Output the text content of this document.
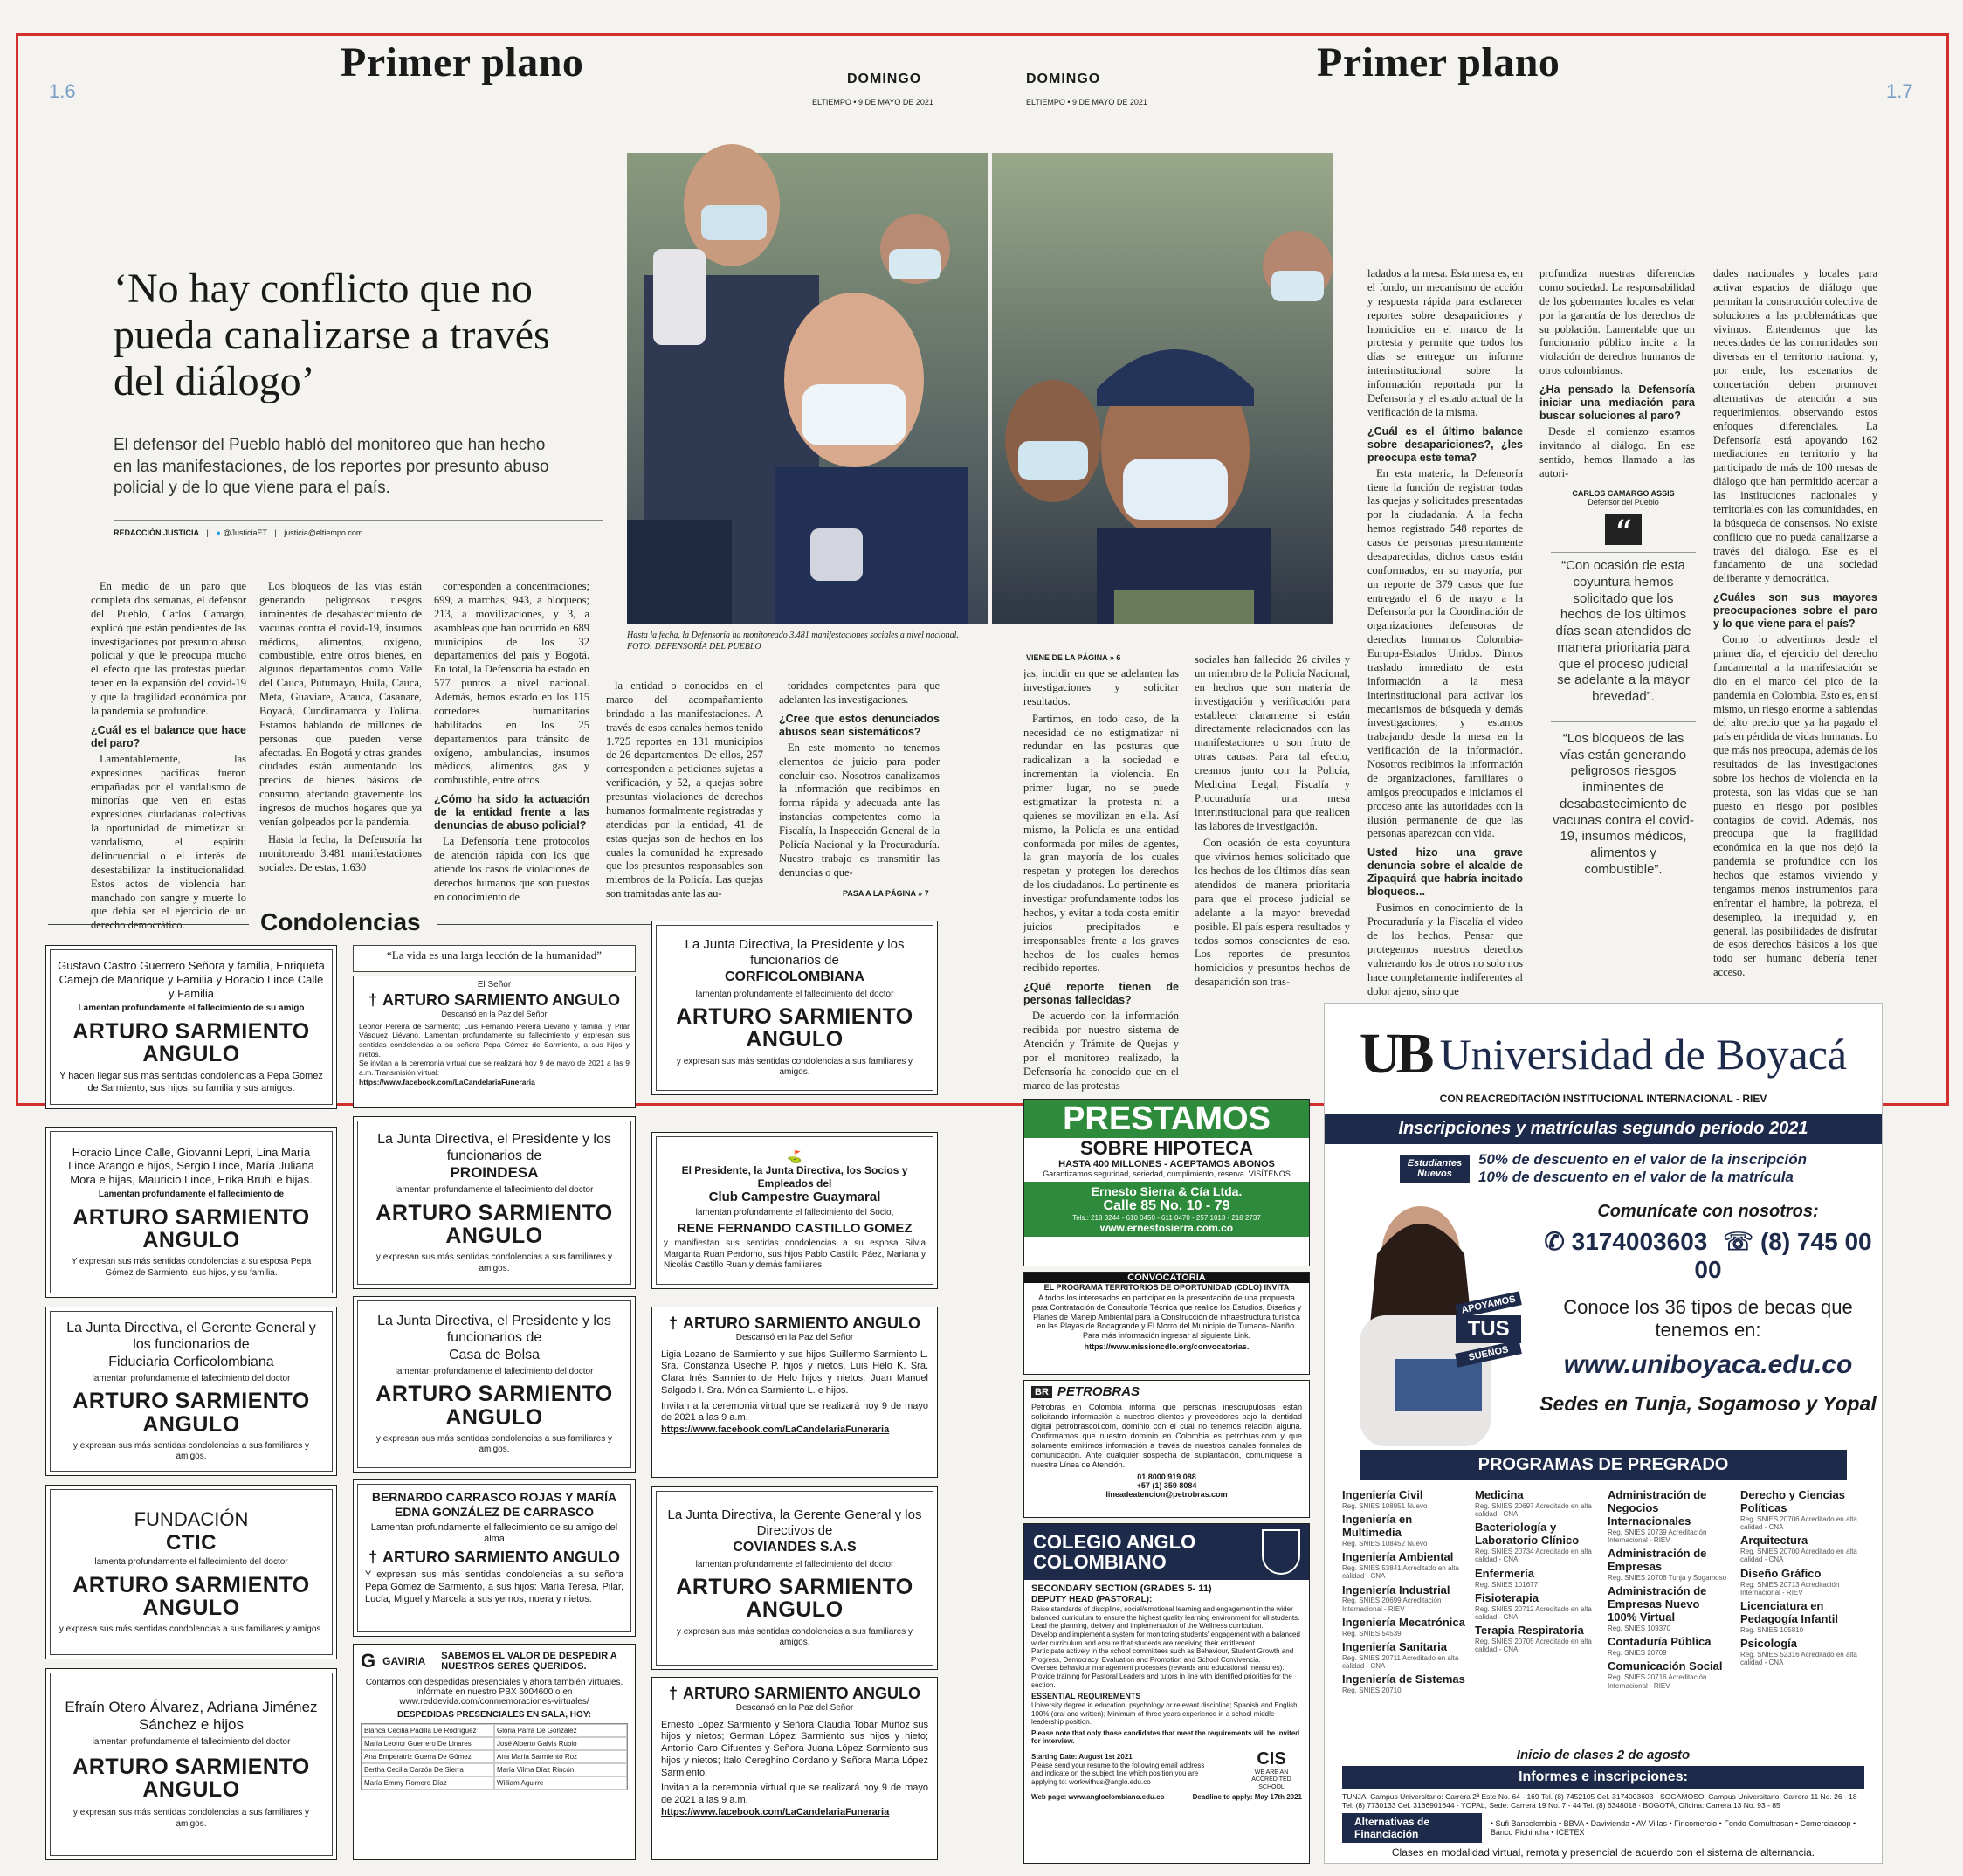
1.6
Primer plano	DOMINGO
ELTIEMPO • 9 DE MAYO DE 2021
DOMINGO	Primer plano
ELTIEMPO • 9 DE MAYO DE 2021	1.7
‘No hay conflicto que no pueda canalizarse a través del diálogo’
El defensor del Pueblo habló del monitoreo que han hecho en las manifestaciones, de los reportes por presunto abuso policial y de lo que viene para el país.
REDACCIÓN JUSTICIA | ● @JusticiaET | justicia@eltiempo.com
Hasta la fecha, la Defensoría ha monitoreado 3.481 manifestaciones sociales a nivel nacional. FOTO: DEFENSORÍA DEL PUEBLO

En medio de un paro que completa dos semanas, el defensor del Pueblo, Carlos Camargo, explicó que están pendientes de las investigaciones por presunto abuso policial y que le preocupa mucho el efecto que las protestas puedan tener en la expansión del covid-19 y que la fragilidad económica por la pandemia se profundice.

¿Cuál es el balance que hace del paro?

Lamentablemente, las expresiones pacíficas fueron empañadas por el vandalismo de minorías que ven en estas expresiones ciudadanas colectivas la oportunidad de mimetizar su vandalismo, el espíritu delincuencial o el interés de desestabilizar la institucionalidad. Estos actos de violencia han manchado con sangre y muerte lo que debía ser el ejercicio de un derecho democrático.

Los bloqueos de las vías están generando peligrosos riesgos inminentes de desabastecimiento de vacunas contra el covid-19, insumos médicos, alimentos, oxígeno, combustible, entre otros bienes, en algunos departamentos como Valle del Cauca, Putumayo, Huila, Cauca, Meta, Guaviare, Arauca, Casanare, Boyacá, Cundinamarca y Tolima. Estamos hablando de millones de personas que pueden verse afectadas. En Bogotá y otras grandes ciudades están aumentando los precios de bienes básicos de consumo, afectando gravemente los ingresos de muchos hogares que ya venían golpeados por la pandemia.

Hasta la fecha, la Defensoría ha monitoreado 3.481 manifestaciones sociales. De estas, 1.630

corresponden a concentraciones; 699, a marchas; 943, a bloqueos; 213, a movilizaciones, y 3, a asambleas que han ocurrido en 689 municipios de los 32 departamentos del país y Bogotá. En total, la Defensoría ha estado en 577 puntos a nivel nacional. Además, hemos estado en los 115 corredores humanitarios habilitados en los 25 departamentos para tránsito de oxígeno, ambulancias, insumos médicos, alimentos, gas y combustible, entre otros.

¿Cómo ha sido la actuación de la entidad frente a las denuncias de abuso policial?

La Defensoría tiene protocolos de atención rápida con los que atiende los casos de violaciones de derechos humanos que son puestos en conocimiento de

la entidad o conocidos en el marco del acompañamiento brindado a las manifestaciones. A través de esos canales hemos tenido 1.725 reportes en 131 municipios de 26 departamentos. De ellos, 257 corresponden a peticiones sujetas a verificación, y 52, a quejas sobre presuntas violaciones de derechos humanos formalmente registradas y atendidas por la entidad, 41 de estas quejas son de hechos en los cuales la comunidad ha expresado que los presuntos responsables son miembros de la Policía. Las quejas son tramitadas ante las au-

toridades competentes para que adelanten las investigaciones.

¿Cree que estos denunciados abusos sean sistemáticos?

En este momento no tenemos elementos de juicio para poder concluir eso. Nosotros canalizamos la información que recibimos en forma rápida y adecuada ante las instancias competentes como la Fiscalía, la Inspección General de la Policía Nacional y la Procuraduría. Nuestro trabajo es transmitir las denuncias o que-

PASA A LA PÁGINA » 7
VIENE DE LA PÁGINA » 6

jas, incidir en que se adelanten las investigaciones y solicitar resultados.

Partimos, en todo caso, de la necesidad de no estigmatizar ni redundar en las posturas que radicalizan a la sociedad e incrementan la violencia. En primer lugar, no se puede estigmatizar la protesta ni a quienes se movilizan en ella. Así mismo, la Policía es una entidad conformada por miles de agentes, la gran mayoría de los cuales respetan y protegen los derechos de los ciudadanos. Lo pertinente es investigar profundamente todos los hechos, y evitar a toda costa emitir juicios precipitados e irresponsables frente a los graves hechos de los cuales hemos recibido reportes.

¿Qué reporte tienen de personas fallecidas?

De acuerdo con la información recibida por nuestro sistema de Atención y Trámite de Quejas y por el monitoreo realizado, la Defensoría ha conocido que en el marco de las protestas

sociales han fallecido 26 civiles y un miembro de la Policía Nacional, en hechos que son materia de investigación y verificación para establecer claramente si están directamente relacionados con las manifestaciones o son fruto de otras causas. Para tal efecto, creamos junto con la Policía, Medicina Legal, Fiscalía y Procuraduría una mesa interinstitucional para que realicen las labores de investigación.

Con ocasión de esta coyuntura que vivimos hemos solicitado que los hechos de los últimos días sean atendidos de manera prioritaria para que el proceso judicial se adelante a la mayor brevedad posible. El país espera resultados y todos somos conscientes de eso. Los reportes de presuntos homicidios y presuntos hechos de desaparición son tras-

ladados a la mesa. Esta mesa es, en el fondo, un mecanismo de acción y respuesta rápida para esclarecer reportes sobre desapariciones y homicidios en el marco de la protesta y permite que todos los días se entregue un informe interinstitucional sobre la información reportada por la Defensoría y el estado actual de la verificación de la misma.

¿Cuál es el último balance sobre desapariciones?, ¿les preocupa este tema?

En esta materia, la Defensoría tiene la función de registrar todas las quejas y solicitudes presentadas por la ciudadanía. A la fecha hemos registrado 548 reportes de casos de personas presuntamente desaparecidas, dichos casos están conformados, en su mayoría, por un reporte de 379 casos que fue entregado el 6 de mayo a la Defensoría por la Coordinación de organizaciones defensoras de derechos humanos Colombia-Europa-Estados Unidos. Dimos traslado inmediato de esta información a la mesa interinstitucional para activar los mecanismos de búsqueda y demás investigaciones, y estamos trabajando desde la mesa en la verificación de la información. Nosotros recibimos la información de organizaciones, familiares o amigos preocupados e iniciamos el proceso ante las autoridades con la ilusión permanente de que las personas aparezcan con vida.

Usted hizo una grave denuncia sobre el alcalde de Zipaquirá que habría incitado bloqueos...

Pusimos en conocimiento de la Procuraduría y la Fiscalía el video de los hechos. Pensar que protegemos nuestros derechos vulnerando los de otros no solo nos hace completamente indiferentes al dolor ajeno, sino que

profundiza nuestras diferencias como sociedad. La responsabilidad de los gobernantes locales es velar por la garantía de los derechos de su población. Lamentable que un funcionario público incite a la violación de derechos humanos de otros colombianos.

¿Ha pensado la Defensoría iniciar una mediación para buscar soluciones al paro?

Desde el comienzo estamos invitando al diálogo. En ese sentido, hemos llamado a las autori-

CARLOS CAMARGO ASSIS
Defensor del Pueblo
“
“Con ocasión de esta coyuntura hemos solicitado que los hechos de los últimos días sean atendidos de manera prioritaria para que el proceso judicial se adelante a la mayor brevedad”.
“Los bloqueos de las vías están generando peligrosos riesgos inminentes de desabastecimiento de vacunas contra el covid-19, insumos médicos, alimentos y combustible”.

dades nacionales y locales para activar espacios de diálogo que permitan la construcción colectiva de soluciones a las problemáticas que vivimos. Entendemos que las necesidades de las comunidades son diversas en el territorio nacional y, por ende, los escenarios de concertación deben promover alternativas de atención a sus requerimientos, observando estos enfoques diferenciales. La Defensoría está apoyando 162 mediaciones en territorio y ha participado de más de 100 mesas de diálogo que han permitido acercar a las instituciones nacionales y territoriales con las comunidades, en la búsqueda de consensos. No existe conflicto que no pueda canalizarse a través del diálogo. Ese es el fundamento de una sociedad deliberante y democrática.

¿Cuáles son sus mayores preocupaciones sobre el paro y lo que viene para el país?

Como lo advertimos desde el primer día, el ejercicio del derecho fundamental a la manifestación se dio en el marco del pico de la pandemia en Colombia. Esto es, en sí mismo, un riesgo enorme a sabiendas del alto precio que ya ha pagado el país en pérdida de vidas humanas. Lo que más nos preocupa, además de los resultados de las investigaciones sobre los hechos de violencia en la protesta, son las vidas que se han puesto en riesgo por posibles contagios de covid. Además, nos preocupa que la fragilidad económica en la que nos dejó la pandemia se profundice con los hechos que estamos viviendo y tengamos menos instrumentos para enfrentar el hambre, la pobreza, el desempleo, la inequidad y, en general, las posibilidades de disfrutar de esos derechos básicos a los que todo ser humano debería tener acceso.

Condolencias
Gustavo Castro Guerrero Señora y familia, Enriqueta Camejo de Manrique y Familia y Horacio Lince Calle y Familia
Lamentan profundamente el fallecimiento de su amigo
ARTURO SARMIENTO ANGULO
Y hacen llegar sus más sentidas condolencias a Pepa Gómez de Sarmiento, sus hijos, su familia y sus amigos.
Horacio Lince Calle, Giovanni Lepri, Lina María Lince Arango e hijos, Sergio Lince, María Juliana Mora e hijas, Mauricio Lince, Erika Bruhl e hijas.
Lamentan profundamente el fallecimiento de
ARTURO SARMIENTO ANGULO
Y expresan sus más sentidas condolencias a su esposa Pepa Gómez de Sarmiento, sus hijos, y su familia.
La Junta Directiva, el Gerente General y los funcionarios de
Fiduciaria Corficolombiana
lamentan profundamente el fallecimiento del doctor
ARTURO SARMIENTO ANGULO
y expresan sus más sentidas condolencias a sus familiares y amigos.
FUNDACIÓN
CTIC
lamenta profundamente el fallecimiento del doctor
ARTURO SARMIENTO ANGULO
y expresa sus más sentidas condolencias a sus familiares y amigos.
Efraín Otero Álvarez, Adriana Jiménez Sánchez e hijos
lamentan profundamente el fallecimiento del doctor
ARTURO SARMIENTO ANGULO
y expresan sus más sentidas condolencias a sus familiares y amigos.
“La vida es una larga lección de la humanidad”
El Señor
† ARTURO SARMIENTO ANGULO
Descansó en la Paz del Señor
Leonor Pereira de Sarmiento; Luis Fernando Pereira Liévano y familia; y Pilar Vásquez Liévano. Lamentan profundamente su fallecimiento y expresan sus sentidas condolencias a su señora Pepa Gómez de Sarmiento, a sus hijos y nietos.
Se invitan a la ceremonia virtual que se realizará hoy 9 de mayo de 2021 a las 9 a.m. Transmisión virtual:
https://www.facebook.com/LaCandelariaFuneraria
La Junta Directiva, el Presidente y los funcionarios de
PROINDESA
lamentan profundamente el fallecimiento del doctor
ARTURO SARMIENTO ANGULO
y expresan sus más sentidas condolencias a sus familiares y amigos.
La Junta Directiva, el Presidente y los funcionarios de
Casa de Bolsa
lamentan profundamente el fallecimiento del doctor
ARTURO SARMIENTO ANGULO
y expresan sus más sentidas condolencias a sus familiares y amigos.
BERNARDO CARRASCO ROJAS Y MARÍA EDNA GONZÁLEZ DE CARRASCO
Lamentan profundamente el fallecimiento de su amigo del alma
† ARTURO SARMIENTO ANGULO
Y expresan sus más sentidas condolencias a su señora Pepa Gómez de Sarmiento, a sus hijos: María Teresa, Pilar, Lucía, Miguel y Marcela a sus yernos, nuera y nietos.
G GAVIRIA SABEMOS EL VALOR DE DESPEDIR A NUESTROS SERES QUERIDOS.
Contamos con despedidas presenciales y ahora también virtuales. Infórmate en nuestro PBX 6004600 o en www.reddevida.com/conmemoraciones-virtuales/
DESPEDIDAS PRESENCIALES EN SALA, HOY:
Blanca Cecilia Padilla De Rodríguez	Gloria Parra De González
María Leonor Guerrero De Linares	José Alberto Galvis Rubio
Ana Emperatriz Guerra De Gómez	Ana María Sarmiento Roz
Bertha Cecilia Carzón De Sierra	María Vilma Díaz Rincón
María Emmy Romero Díaz	William Aguirre
La Junta Directiva, la Presidente y los funcionarios de
CORFICOLOMBIANA
lamentan profundamente el fallecimiento del doctor
ARTURO SARMIENTO ANGULO
y expresan sus más sentidas condolencias a sus familiares y amigos.
⛳
El Presidente, la Junta Directiva, los Socios y Empleados del
Club Campestre Guaymaral
lamentan profundamente el fallecimiento del Socio,
RENE FERNANDO CASTILLO GOMEZ
y manifiestan sus sentidas condolencias a su esposa Silvia Margarita Ruan Perdomo, sus hijos Pablo Castillo Páez, Mariana y Nicolás Castillo Ruan y demás familiares.
† ARTURO SARMIENTO ANGULO
Descansó en la Paz del Señor
Ligia Lozano de Sarmiento y sus hijos Guillermo Sarmiento L. Sra. Constanza Useche P. hijos y nietos, Luis Helo K. Sra. Clara Inés Sarmiento de Helo hijos y nietos, Juan Manuel Salgado I. Sra. Mónica Sarmiento L. e hijos.
Invitan a la ceremonia virtual que se realizará hoy 9 de mayo de 2021 a las 9 a.m.
https://www.facebook.com/LaCandelariaFuneraria
La Junta Directiva, la Gerente General y los Directivos de
COVIANDES S.A.S
lamentan profundamente el fallecimiento del doctor
ARTURO SARMIENTO ANGULO
y expresan sus más sentidas condolencias a sus familiares y amigos.
† ARTURO SARMIENTO ANGULO
Descansó en la Paz del Señor
Ernesto López Sarmiento y Señora Claudia Tobar Muñoz sus hijos y nietos; German López Sarmiento sus hijos y nieto; Antonio Caro Cifuentes y Señora Juana López Sarmiento sus hijos y nietos; Italo Cereghino Cordano y Señora Marta López Sarmiento.
Invitan a la ceremonia virtual que se realizará hoy 9 de mayo de 2021 a las 9 a.m.
https://www.facebook.com/LaCandelariaFuneraria
PRESTAMOS
SOBRE HIPOTECA
HASTA 400 MILLONES - ACEPTAMOS ABONOS
Garantizamos seguridad, seriedad, cumplimiento, reserva. VISÍTENOS
Ernesto Sierra & Cía Ltda.
Calle 85 No. 10 - 79
Tels.: 218 3244 - 610 0450 - 611 0470 - 257 1013 - 218 2737
www.ernestosierra.com.co
CONVOCATORIA
EL PROGRAMA TERRITORIOS DE OPORTUNIDAD (CDLO) INVITA
A todos los interesados en participar en la presentación de una propuesta para Contratación de Consultoría Técnica que realice los Estudios, Diseños y Planes de Manejo Ambiental para la Construcción de infraestructura turística en las Playas de Bocagrande y El Morro del Municipio de Tumaco- Nariño. Para más información ingresar al siguiente Link.
https://www.missioncdlo.org/convocatorias.
BR PETROBRAS
Petrobras en Colombia informa que personas inescrupulosas están solicitando información a nuestros clientes y proveedores bajo la identidad digital petrobrascol.com, dominio con el cual no tenemos relación alguna. Confirmamos que nuestro dominio en Colombia es petrobras.com y que solamente emitimos información a través de nuestros canales formales de comunicación. Ante cualquier sospecha de suplantación, comuníquese a nuestra Línea de Atención.
01 8000 919 088
+57 (1) 359 8084
lineadeatencion@petrobras.com
COLEGIO ANGLO COLOMBIANO
SECONDARY SECTION (GRADES 5- 11)
DEPUTY HEAD (PASTORAL):
Raise standards of discipline, social/emotional learning and engagement in the wider balanced curriculum to ensure the highest quality learning environment for all students.
Lead the planning, delivery and implementation of the Wellness curriculum.
Develop and implement a system for monitoring students' engagement with a balanced wider curriculum and ensure that students are receiving their entitlement.
Participate actively in the school committees such as Behaviour, Student Growth and Progress, Democracy, Evaluation and Promotion and School Convivencia.
Oversee behaviour management processes (rewards and educational measures).
Provide training for Pastoral Leaders and tutors in line with identified priorities for the section.
ESSENTIAL REQUIREMENTS
University degree in education, psychology or relevant discipline; Spanish and English 100% (oral and written); Minimum of three years experience in a school middle leadership position.
Please note that only those candidates that meet the requirements will be invited for interview.
Starting Date: August 1st 2021
Please send your resume to the following email address and indicate on the subject line which position you are applying to: workwithus@anglo.edu.co
CIS
WE ARE AN ACCREDITED SCHOOL
Web page: www.angloclombiano.edu.co	Deadline to apply: May 17th 2021
UB Universidad de Boyacá
CON REACREDITACIÓN INSTITUCIONAL INTERNACIONAL - RIEV
Inscripciones y matrículas segundo período 2021
Estudiantes Nuevos
50% de descuento en el valor de la inscripción
10% de descuento en el valor de la matrícula
APOYAMOS
TUS
SUEÑOS
Comunícate con nosotros:
✆ 3174003603 ☏ (8) 745 00 00
Conoce los 36 tipos de becas que tenemos en:
www.uniboyaca.edu.co
Sedes en Tunja, Sogamoso y Yopal
PROGRAMAS DE PREGRADO
Ingeniería Civil
Reg. SNIES 108951 Nuevo
Ingeniería en Multimedia
Reg. SNIES 108452 Nuevo
Ingeniería Ambiental
Reg. SNIES 53841 Acreditado en alta calidad - CNA
Ingeniería Industrial
Reg. SNIES 20699 Acreditación Internacional - RIEV
Ingeniería Mecatrónica
Reg. SNIES 54539
Ingeniería Sanitaria
Reg. SNIES 20711 Acreditado en alta calidad - CNA
Ingeniería de Sistemas
Reg. SNIES 20710
Medicina
Reg. SNIES 20697 Acreditado en alta calidad - CNA
Bacteriología y Laboratorio Clínico
Reg. SNIES 20734 Acreditado en alta calidad - CNA
Enfermería
Reg. SNIES 101677
Fisioterapia
Reg. SNIES 20712 Acreditado en alta calidad - CNA
Terapia Respiratoria
Reg. SNIES 20705 Acreditado en alta calidad - CNA
Administración de Negocios Internacionales
Reg. SNIES 20739 Acreditación Internacional - RIEV
Administración de Empresas
Reg. SNIES 20708 Tunja y Sogamoso
Administración de Empresas Nuevo 100% Virtual
Reg. SNIES 109370
Contaduría Pública
Reg. SNIES 20709
Comunicación Social
Reg. SNIES 20716 Acreditación Internacional - RIEV
Derecho y Ciencias Políticas
Reg. SNIES 20706 Acreditado en alta calidad - CNA
Arquitectura
Reg. SNIES 20700 Acreditado en alta calidad - CNA
Diseño Gráfico
Reg. SNIES 20713 Acreditación Internacional - RIEV
Licenciatura en Pedagogía Infantil
Reg. SNIES 105810
Psicología
Reg. SNIES 52316 Acreditado en alta calidad - CNA
Inicio de clases 2 de agosto
Informes e inscripciones:
TUNJA, Campus Universitario: Carrera 2ª Este No. 64 - 169 Tel. (8) 7452105 Cel. 3174003603 · SOGAMOSO, Campus Universitario: Carrera 11 No. 26 - 18 Tel. (8) 7730133 Cel. 3166901644 · YOPAL, Sede: Carrera 19 No. 7 - 44 Tel. (8) 6348018 · BOGOTÁ, Oficina: Carrera 13 No. 93 - 85
Alternativas de Financiación
• Sufi Bancolombia • BBVA • Davivienda • AV Villas • Fincomercio • Fondo Comultrasan • Comerciacoop • Banco Pichincha • ICETEX
Clases en modalidad virtual, remota y presencial de acuerdo con el sistema de alternancia.
